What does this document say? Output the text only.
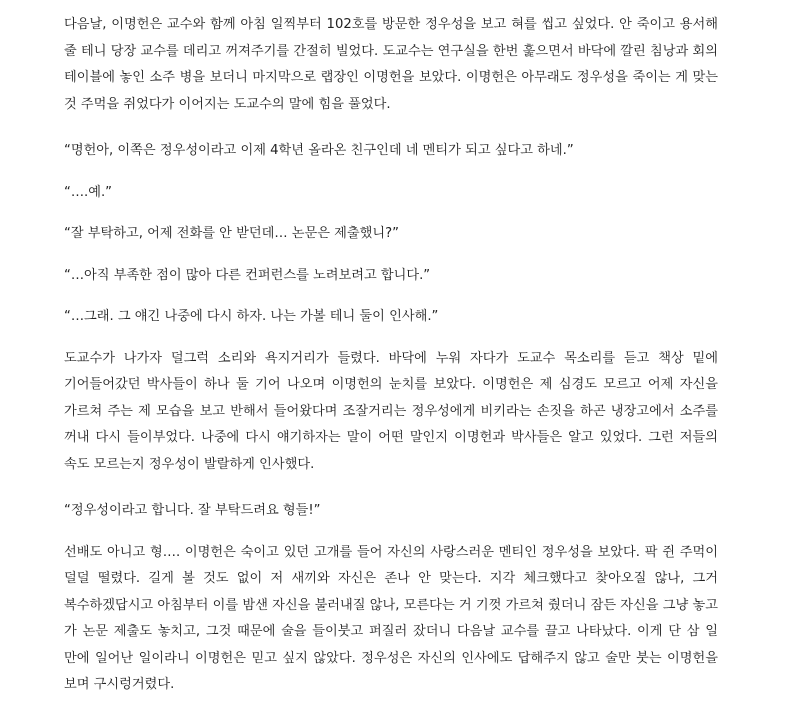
다음날, 이명헌은 교수와 함께 아침 일찍부터 102호를 방문한 정우성을 보고 혀를 씹고 싶었다. 안 죽이고 용서해 줄 테니 당장 교수를 데리고 꺼져주기를 간절히 빌었다. 도교수는 연구실을 한번 훑으면서 바닥에 깔린 침낭과 회의 테이블에 놓인 소주 병을 보더니 마지막으로 랩장인 이명헌을 보았다. 이명헌은 아무래도 정우성을 죽이는 게 맞는 것 주먹을 쥐었다가 이어지는 도교수의 말에 힘을 풀었다.

“명헌아, 이쪽은 정우성이라고 이제 4학년 올라온 친구인데 네 멘티가 되고 싶다고 하네.”

“….예.”

“잘 부탁하고, 어제 전화를 안 받던데… 논문은 제출했니?”

“…아직 부족한 점이 많아 다른 컨퍼런스를 노려보려고 합니다.”

“…그래. 그 얘긴 나중에 다시 하자. 나는 가볼 테니 둘이 인사해.”

도교수가 나가자 덜그럭 소리와 욕지거리가 들렸다. 바닥에 누워 자다가 도교수 목소리를 듣고 책상 밑에 기어들어갔던 박사들이 하나 둘 기어 나오며 이명헌의 눈치를 보았다. 이명헌은 제 심경도 모르고 어제 자신을 가르쳐 주는 제 모습을 보고 반해서 들어왔다며 조잘거리는 정우성에게 비키라는 손짓을 하곤 냉장고에서 소주를 꺼내 다시 들이부었다. 나중에 다시 얘기하자는 말이 어떤 말인지 이명헌과 박사들은 알고 있었다. 그런 저들의 속도 모르는지 정우성이 발랄하게 인사했다.

“정우성이라고 합니다. 잘 부탁드려요 형들!”

선배도 아니고 형…. 이명헌은 숙이고 있던 고개를 들어 자신의 사랑스러운 멘티인 정우성을 보았다. 팍 쥔 주먹이 덜덜 떨렸다. 길게 볼 것도 없이 저 새끼와 자신은 존나 안 맞는다. 지각 체크했다고 찾아오질 않나, 그거 복수하겠답시고 아침부터 이를 밤샌 자신을 불러내질 않나, 모른다는 거 기껏 가르쳐 줬더니 잠든 자신을 그냥 놓고 가 논문 제출도 놓치고, 그것 때문에 술을 들이붓고 퍼질러 잤더니 다음날 교수를 끌고 나타났다. 이게 단 삼 일 만에 일어난 일이라니 이명헌은 믿고 싶지 않았다. 정우성은 자신의 인사에도 답해주지 않고 술만 붓는 이명헌을 보며 구시렁거렸다.
